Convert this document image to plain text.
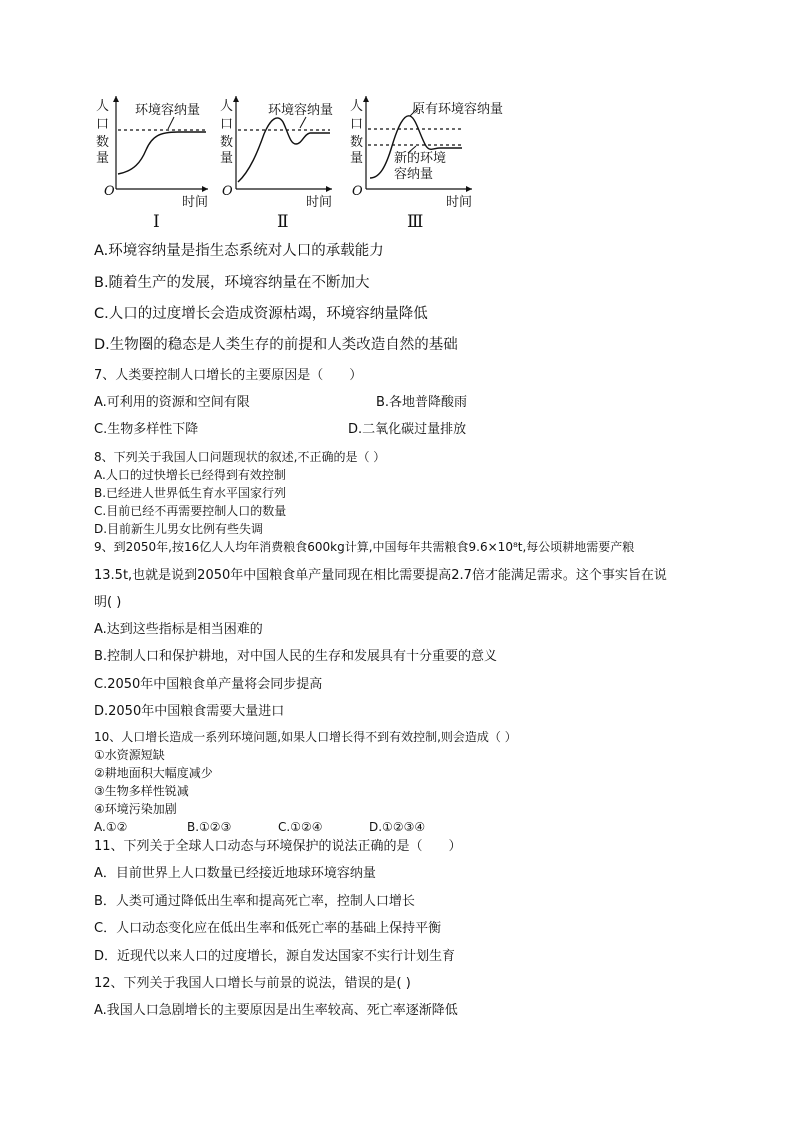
人
口
数
量
环境容纳量
时间
O
Ⅰ
人
口
数
量
环境容纳量
时间
O
Ⅱ
人
口
数
量
原有环境容纳量
新的环境
容纳量
时间
O
Ⅲ
A.环境容纳量是指生态系统对人口的承载能力
B.随着生产的发展，环境容纳量在不断加大
C.人口的过度增长会造成资源枯竭，环境容纳量降低
D.生物圈的稳态是人类生存的前提和人类改造自然的基础
7、人类要控制人口增长的主要原因是（　　）
A.可利用的资源和空间有限	B.各地普降酸雨
C.生物多样性下降	D.二氧化碳过量排放
8、下列关于我国人口问题现状的叙述,不正确的是（ ）
A.人口的过快增长已经得到有效控制
B.已经进人世界低生育水平国家行列
C.目前已经不再需要控制人口的数量
D.目前新生儿男女比例有些失调
9、到2050年,按16亿人人均年消费粮食600kg计算,中国每年共需粮食9.6×10⁸t,每公顷耕地需要产粮
13.5t,也就是说到2050年中国粮食单产量同现在相比需要提高2.7倍才能满足需求。这个事实旨在说
明( )
A.达到这些指标是相当困难的
B.控制人口和保护耕地，对中国人民的生存和发展具有十分重要的意义
C.2050年中国粮食单产量将会同步提高
D.2050年中国粮食需要大量进口
10、人口增长造成一系列环境问题,如果人口增长得不到有效控制,则会造成（ ）
①水资源短缺
②耕地面积大幅度减少
③生物多样性锐减
④环境污染加剧
A.①②	B.①②③	C.①②④	D.①②③④
11、下列关于全球人口动态与环境保护的说法正确的是（　　）
A．目前世界上人口数量已经接近地球环境容纳量
B．人类可通过降低出生率和提高死亡率，控制人口增长
C．人口动态变化应在低出生率和低死亡率的基础上保持平衡
D．近现代以来人口的过度增长，源自发达国家不实行计划生育
12、下列关于我国人口增长与前景的说法，错误的是( )
A.我国人口急剧增长的主要原因是出生率较高、死亡率逐渐降低
